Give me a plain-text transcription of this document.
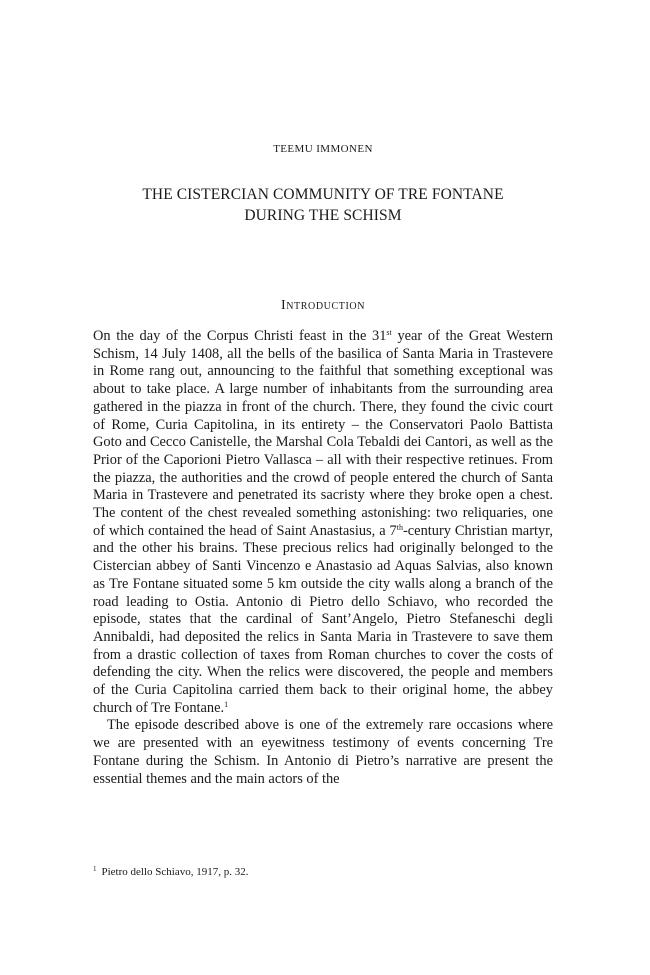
TEEMU IMMONEN
THE CISTERCIAN COMMUNITY OF TRE FONTANE
DURING THE SCHISM
Introduction

On the day of the Corpus Christi feast in the 31st year of the Great Western Schism, 14 July 1408, all the bells of the basilica of Santa Maria in Trastevere in Rome rang out, announcing to the faithful that something exceptional was about to take place. A large number of inhabitants from the surrounding area gathered in the piazza in front of the church. There, they found the civic court of Rome, Curia Capitolina, in its entirety – the Conservatori Paolo Battista Goto and Cecco Canistelle, the Marshal Cola Tebaldi dei Cantori, as well as the Prior of the Caporioni Pietro Vallasca – all with their respective retinues. From the piazza, the authorities and the crowd of people entered the church of Santa Maria in Trastevere and penetrated its sacristy where they broke open a chest. The content of the chest revealed something astonishing: two reliquaries, one of which contained the head of Saint Anastasius, a 7th-century Christian martyr, and the other his brains. These precious relics had originally belonged to the Cistercian abbey of Santi Vincenzo e Anastasio ad Aquas Salvias, also known as Tre Fontane situated some 5 km outside the city walls along a branch of the road leading to Ostia. Antonio di Pietro dello Schiavo, who recorded the episode, states that the cardinal of Sant’Angelo, Pietro Stefaneschi degli Annibaldi, had deposited the relics in Santa Maria in Trastevere to save them from a drastic collection of taxes from Roman churches to cover the costs of defending the city. When the relics were discovered, the people and members of the Curia Capitolina carried them back to their original home, the abbey church of Tre Fontane.$^1$

The episode described above is one of the extremely rare occasions where we are presented with an eyewitness testimony of events concerning Tre Fontane during the Schism. In Antonio di Pietro’s narrative are present the essential themes and the main actors of the

$^1$ Pietro dello Schiavo, 1917, p. 32.
